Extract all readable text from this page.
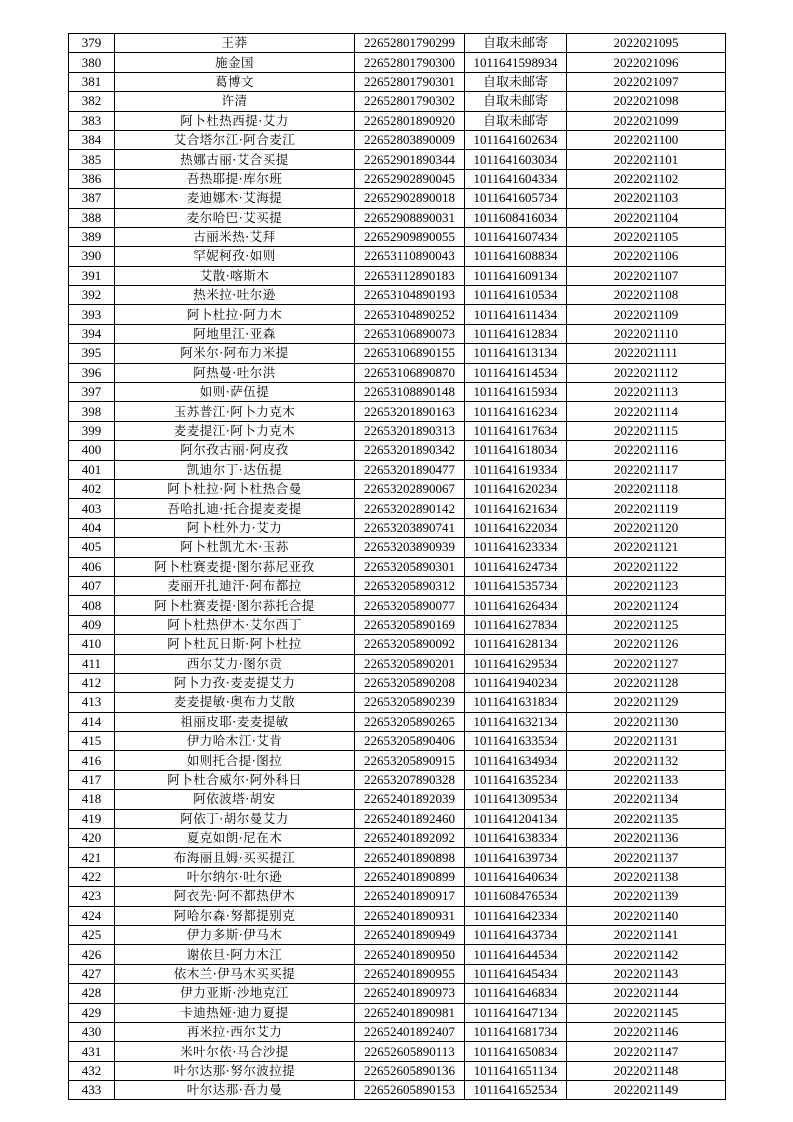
379	王莽	22652801790299	自取未邮寄	2022021095
380	施金国	22652801790300	1011641598934	2022021096
381	葛博文	22652801790301	自取未邮寄	2022021097
382	许清	22652801790302	自取未邮寄	2022021098
383	阿卜杜热西提·艾力	22652801890920	自取未邮寄	2022021099
384	艾合塔尔江·阿合麦江	22652803890009	1011641602634	2022021100
385	热娜古丽·艾合买提	22652901890344	1011641603034	2022021101
386	吾热耶提·库尔班	22652902890045	1011641604334	2022021102
387	麦迪娜木·艾海提	22652902890018	1011641605734	2022021103
388	麦尔哈巴·艾买提	22652908890031	1011608416034	2022021104
389	古丽米热·艾拜	22652909890055	1011641607434	2022021105
390	罕妮柯孜·如则	22653110890043	1011641608834	2022021106
391	艾散·喀斯木	22653112890183	1011641609134	2022021107
392	热米拉·吐尔逊	22653104890193	1011641610534	2022021108
393	阿卜杜拉·阿力木	22653104890252	1011641611434	2022021109
394	阿地里江·亚森	22653106890073	1011641612834	2022021110
395	阿米尔·阿布力米提	22653106890155	1011641613134	2022021111
396	阿热曼·吐尔洪	22653106890870	1011641614534	2022021112
397	如则·萨伍提	22653108890148	1011641615934	2022021113
398	玉苏普江·阿卜力克木	22653201890163	1011641616234	2022021114
399	麦麦提江·阿卜力克木	22653201890313	1011641617634	2022021115
400	阿尔孜古丽·阿皮孜	22653201890342	1011641618034	2022021116
401	凯迪尔丁·达伍提	22653201890477	1011641619334	2022021117
402	阿卜杜拉·阿卜杜热合曼	22653202890067	1011641620234	2022021118
403	吾哈扎迪·托合提麦麦提	22653202890142	1011641621634	2022021119
404	阿卜杜外力·艾力	22653203890741	1011641622034	2022021120
405	阿卜杜凯尤木·玉荪	22653203890939	1011641623334	2022021121
406	阿卜杜赛麦提·图尔荪尼亚孜	22653205890301	1011641624734	2022021122
407	麦丽开扎迪汗·阿布都拉	22653205890312	1011641535734	2022021123
408	阿卜杜赛麦提·图尔荪托合提	22653205890077	1011641626434	2022021124
409	阿卜杜热伊木·艾尔西丁	22653205890169	1011641627834	2022021125
410	阿卜杜瓦日斯·阿卜杜拉	22653205890092	1011641628134	2022021126
411	西尔艾力·图尔贡	22653205890201	1011641629534	2022021127
412	阿卜力孜·麦麦提艾力	22653205890208	1011641940234	2022021128
413	麦麦提敏·奥布力艾散	22653205890239	1011641631834	2022021129
414	祖丽皮耶·麦麦提敏	22653205890265	1011641632134	2022021130
415	伊力哈木江·艾肯	22653205890406	1011641633534	2022021131
416	如则托合提·图拉	22653205890915	1011641634934	2022021132
417	阿卜杜合威尔·阿外科日	22653207890328	1011641635234	2022021133
418	阿依波塔·胡安	22652401892039	1011641309534	2022021134
419	阿依丁·胡尔曼艾力	22652401892460	1011641204134	2022021135
420	夏克如朗·尼在木	22652401892092	1011641638334	2022021136
421	布海丽且姆·买买提江	22652401890898	1011641639734	2022021137
422	叶尔纳尔·吐尔逊	22652401890899	1011641640634	2022021138
423	阿衣先·阿不都热伊木	22652401890917	1011608476534	2022021139
424	阿哈尔森·努都提别克	22652401890931	1011641642334	2022021140
425	伊力多斯·伊马木	22652401890949	1011641643734	2022021141
426	谢依旦·阿力木江	22652401890950	1011641644534	2022021142
427	依木兰·伊马木买买提	22652401890955	1011641645434	2022021143
428	伊力亚斯·沙地克江	22652401890973	1011641646834	2022021144
429	卡迪热娅·迪力夏提	22652401890981	1011641647134	2022021145
430	再米拉·西尔艾力	22652401892407	1011641681734	2022021146
431	米叶尔依·马合沙提	22652605890113	1011641650834	2022021147
432	叶尔达那·努尔波拉提	22652605890136	1011641651134	2022021148
433	叶尔达那·吾力曼	22652605890153	1011641652534	2022021149
